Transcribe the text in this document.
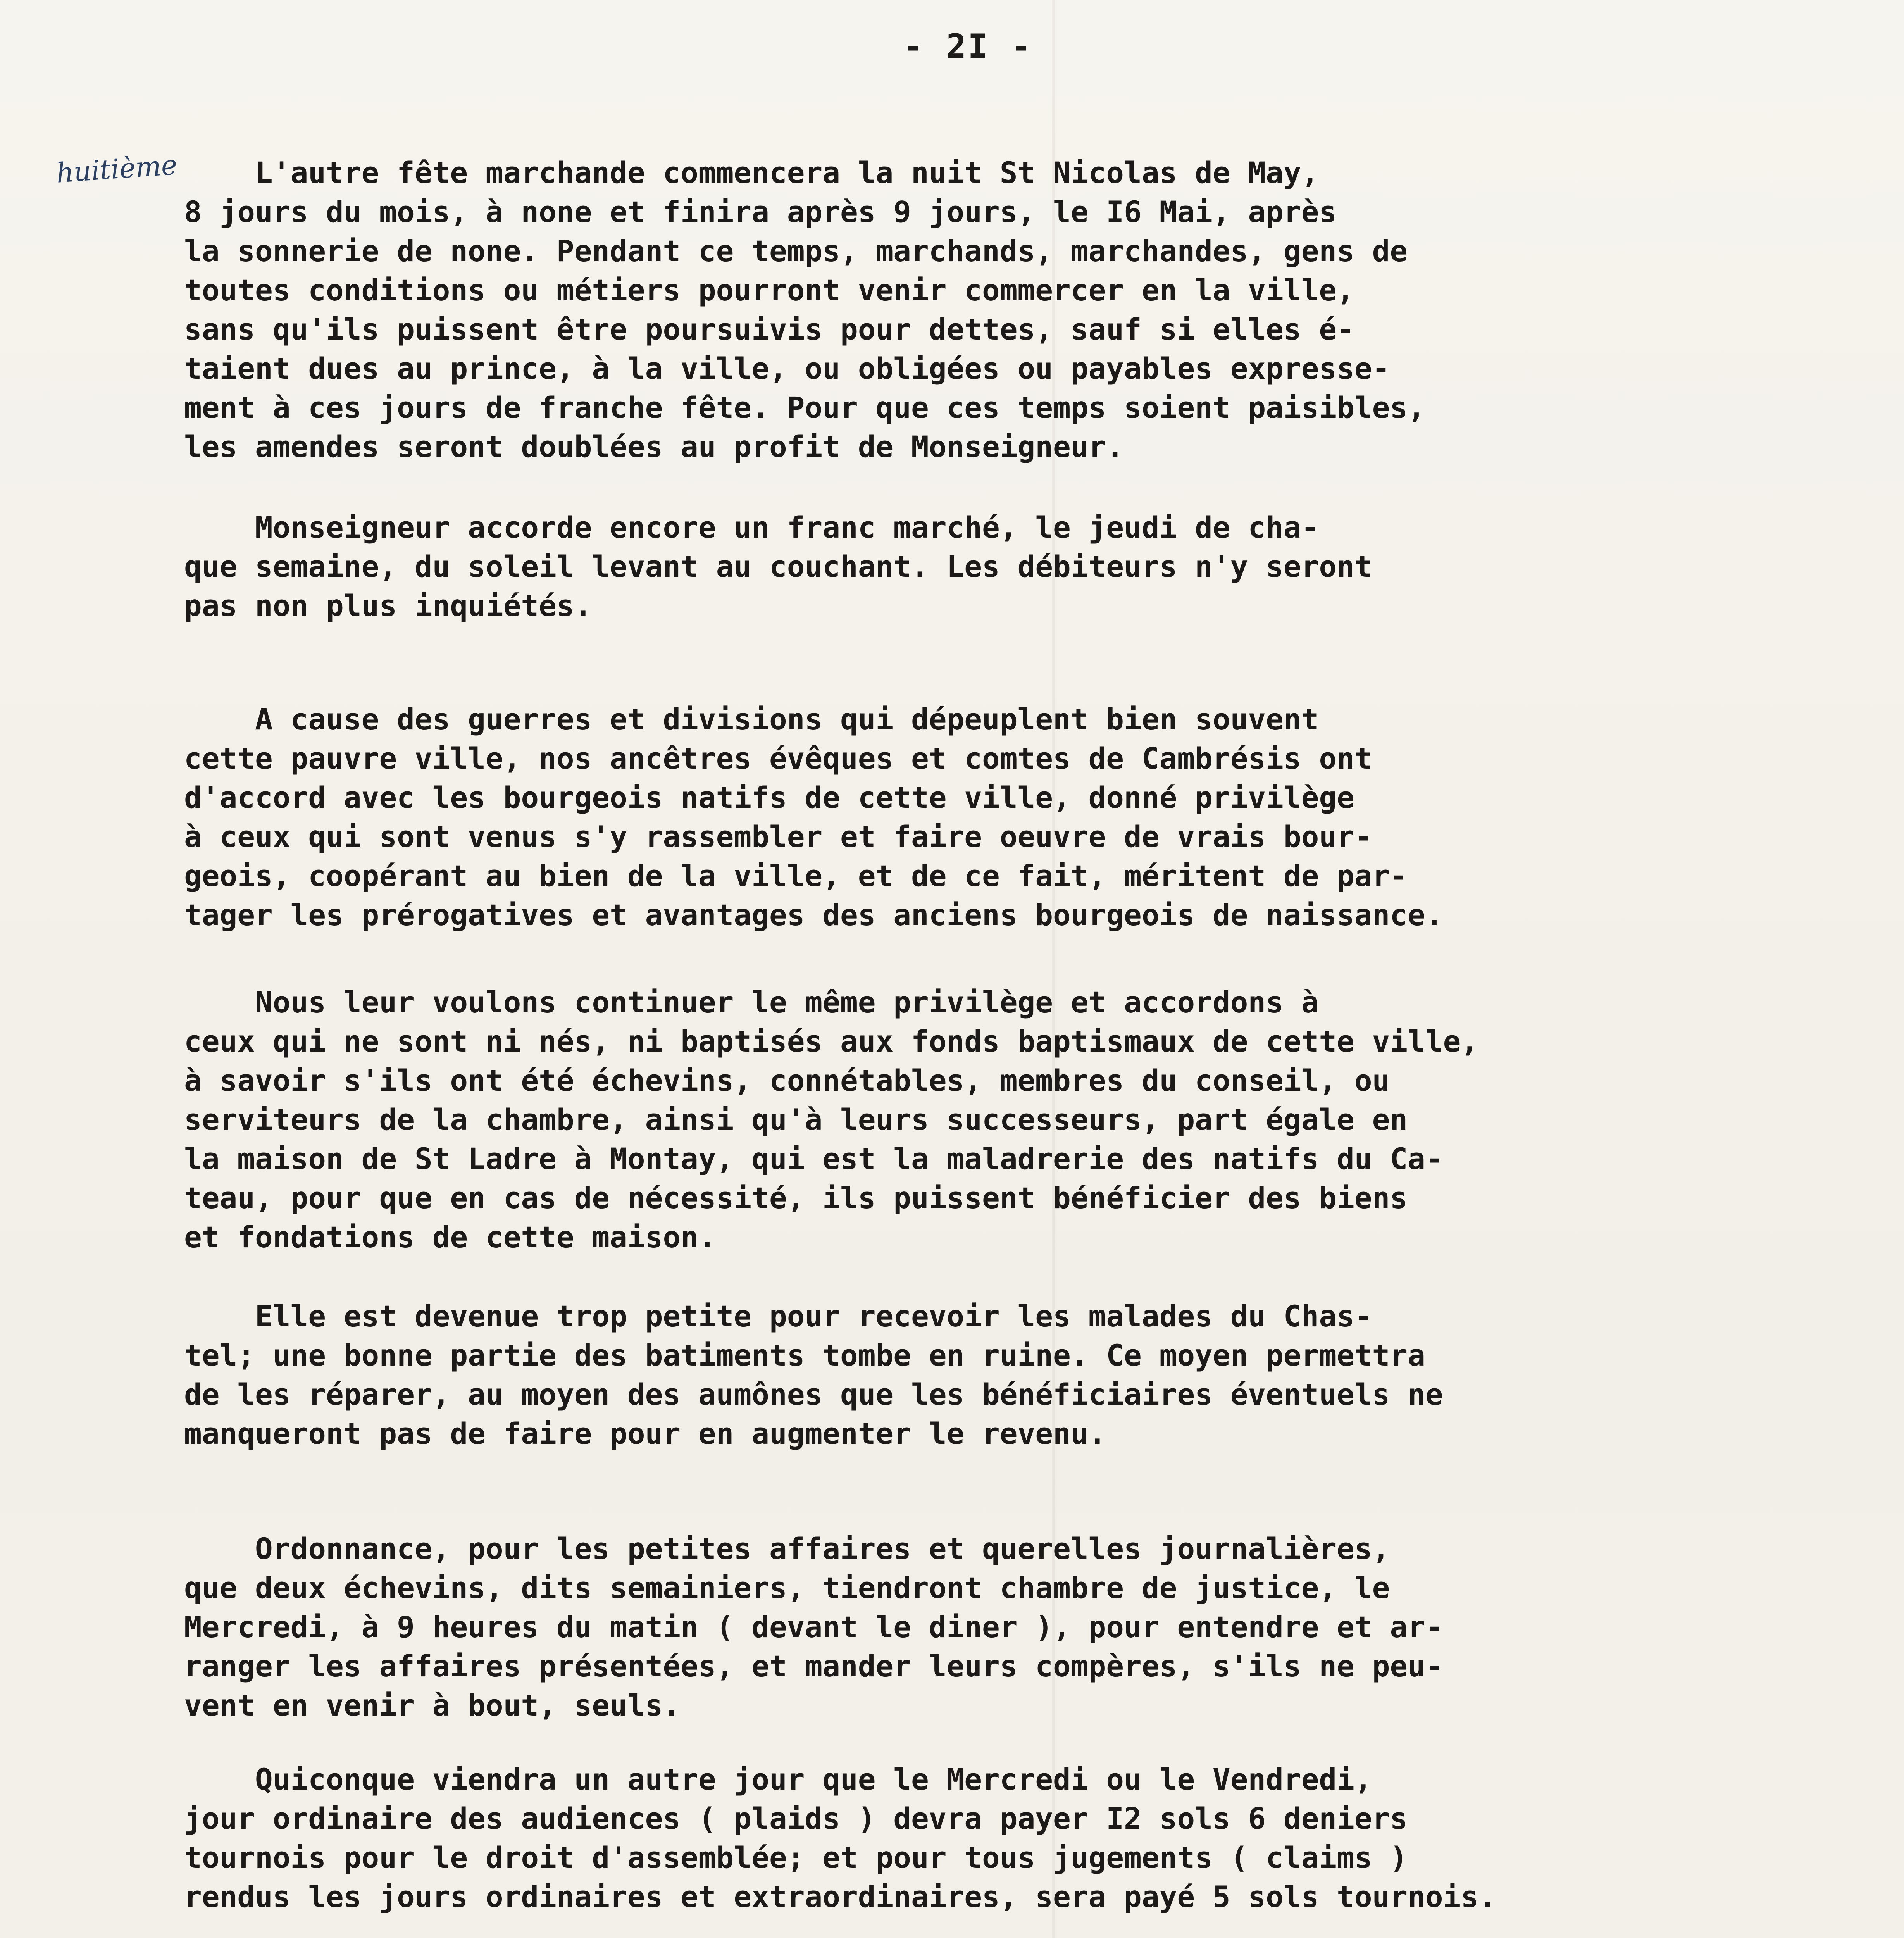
- 2I -
huitième L'autre fête marchande commencera la nuit St Nicolas de May,
8 jours du mois, à none et finira après 9 jours, le I6 Mai, après
la sonnerie de none. Pendant ce temps, marchands, marchandes, gens de
toutes conditions ou métiers pourront venir commercer en la ville,
sans qu'ils puissent être poursuivis pour dettes, sauf si elles é-
taient dues au prince, à la ville, ou obligées ou payables expresse-
ment à ces jours de franche fête. Pour que ces temps soient paisibles,
les amendes seront doublées au profit de Monseigneur.
Monseigneur accorde encore un franc marché, le jeudi de cha-
que semaine, du soleil levant au couchant. Les débiteurs n'y seront
pas non plus inquiétés.
A cause des guerres et divisions qui dépeuplent bien souvent
cette pauvre ville, nos ancêtres évêques et comtes de Cambrésis ont
d'accord avec les bourgeois natifs de cette ville, donné privilège
à ceux qui sont venus s'y rassembler et faire oeuvre de vrais bour-
geois, coopérant au bien de la ville, et de ce fait, méritent de par-
tager les prérogatives et avantages des anciens bourgeois de naissance.
Nous leur voulons continuer le même privilège et accordons à
ceux qui ne sont ni nés, ni baptisés aux fonds baptismaux de cette ville,
à savoir s'ils ont été échevins, connétables, membres du conseil, ou
serviteurs de la chambre, ainsi qu'à leurs successeurs, part égale en
la maison de St Ladre à Montay, qui est la maladrerie des natifs du Ca-
teau, pour que en cas de nécessité, ils puissent bénéficier des biens
et fondations de cette maison.
Elle est devenue trop petite pour recevoir les malades du Chas-
tel; une bonne partie des batiments tombe en ruine. Ce moyen permettra
de les réparer, au moyen des aumônes que les bénéficiaires éventuels ne
manqueront pas de faire pour en augmenter le revenu.
Ordonnance, pour les petites affaires et querelles journalières,
que deux échevins, dits semainiers, tiendront chambre de justice, le
Mercredi, à 9 heures du matin ( devant le diner ), pour entendre et ar-
ranger les affaires présentées, et mander leurs compères, s'ils ne peu-
vent en venir à bout, seuls.
Quiconque viendra un autre jour que le Mercredi ou le Vendredi,
jour ordinaire des audiences ( plaids ) devra payer I2 sols 6 deniers
tournois pour le droit d'assemblée; et pour tous jugements ( claims )
rendus les jours ordinaires et extraordinaires, sera payé 5 sols tournois.
